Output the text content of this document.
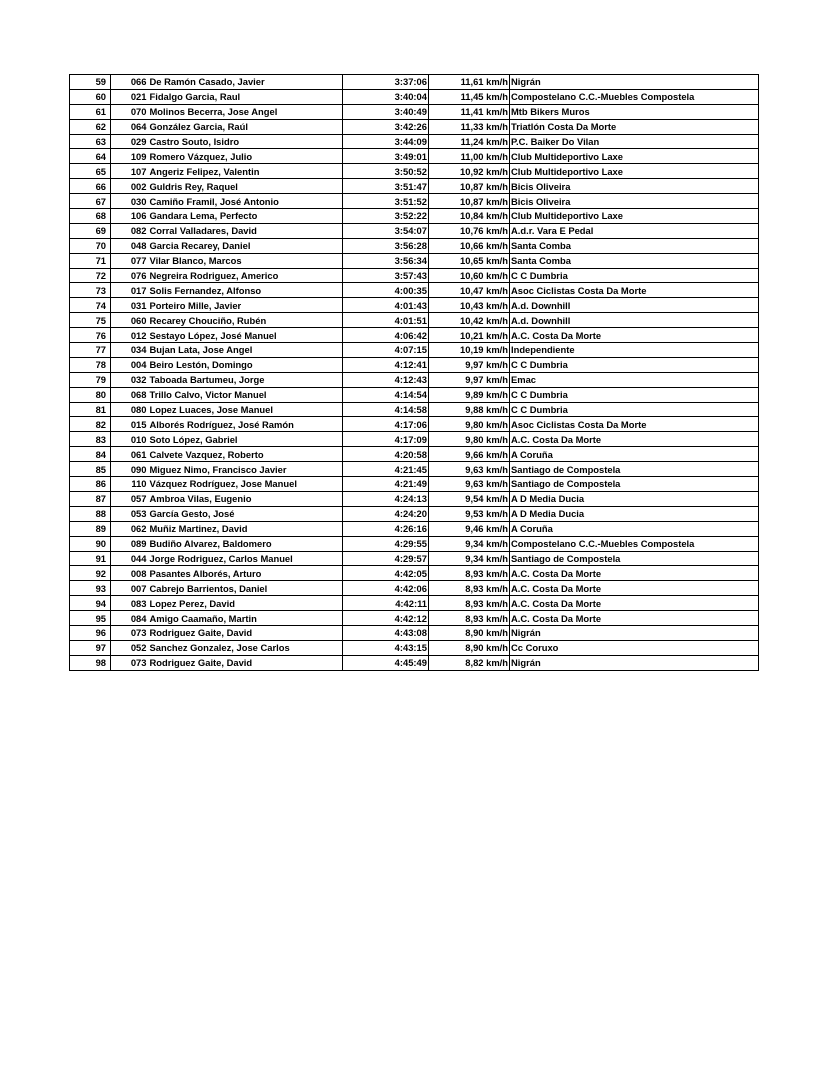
59	066	De Ramón Casado, Javier	3:37:06	11,61 km/h	Nigrán
60	021	Fidalgo Garcia, Raul	3:40:04	11,45 km/h	Compostelano C.C.-Muebles Compostela
61	070	Molinos Becerra, Jose Angel	3:40:49	11,41 km/h	Mtb Bikers Muros
62	064	González Garcia, Raúl	3:42:26	11,33 km/h	Triatlón Costa Da Morte
63	029	Castro Souto, Isidro	3:44:09	11,24 km/h	P.C. Baiker Do Vilan
64	109	Romero Vázquez, Julio	3:49:01	11,00 km/h	Club Multideportivo Laxe
65	107	Angeriz Felipez, Valentin	3:50:52	10,92 km/h	Club Multideportivo Laxe
66	002	Guldris Rey, Raquel	3:51:47	10,87 km/h	Bicis Oliveira
67	030	Camiño Framil, José Antonio	3:51:52	10,87 km/h	Bicis Oliveira
68	106	Gandara Lema, Perfecto	3:52:22	10,84 km/h	Club Multideportivo Laxe
69	082	Corral Valladares, David	3:54:07	10,76 km/h	A.d.r. Vara E Pedal
70	048	Garcia Recarey, Daniel	3:56:28	10,66 km/h	Santa Comba
71	077	Vilar Blanco, Marcos	3:56:34	10,65 km/h	Santa Comba
72	076	Negreira Rodriguez, Americo	3:57:43	10,60 km/h	C C Dumbria
73	017	Solis Fernandez, Alfonso	4:00:35	10,47 km/h	Asoc Ciclistas Costa Da Morte
74	031	Porteiro Mille, Javier	4:01:43	10,43 km/h	A.d. Downhill
75	060	Recarey Chouciño, Rubén	4:01:51	10,42 km/h	A.d. Downhill
76	012	Sestayo López, José Manuel	4:06:42	10,21 km/h	A.C. Costa Da Morte
77	034	Bujan Lata, Jose Angel	4:07:15	10,19 km/h	Independiente
78	004	Beiro Lestón, Domingo	4:12:41	9,97 km/h	C C Dumbria
79	032	Taboada Bartumeu, Jorge	4:12:43	9,97 km/h	Emac
80	068	Trillo Calvo, Victor Manuel	4:14:54	9,89 km/h	C C Dumbria
81	080	Lopez Luaces, Jose Manuel	4:14:58	9,88 km/h	C C Dumbria
82	015	Alborés Rodríguez, José Ramón	4:17:06	9,80 km/h	Asoc Ciclistas Costa Da Morte
83	010	Soto López, Gabriel	4:17:09	9,80 km/h	A.C. Costa Da Morte
84	061	Calvete Vazquez, Roberto	4:20:58	9,66 km/h	A Coruña
85	090	Miguez Nimo, Francisco Javier	4:21:45	9,63 km/h	Santiago de Compostela
86	110	Vázquez Rodríguez, Jose Manuel	4:21:49	9,63 km/h	Santiago de Compostela
87	057	Ambroa Vilas, Eugenio	4:24:13	9,54 km/h	A D Media Ducia
88	053	García Gesto, José	4:24:20	9,53 km/h	A D Media Ducia
89	062	Muñiz Martinez, David	4:26:16	9,46 km/h	A Coruña
90	089	Budiño Alvarez, Baldomero	4:29:55	9,34 km/h	Compostelano C.C.-Muebles Compostela
91	044	Jorge Rodriguez, Carlos Manuel	4:29:57	9,34 km/h	Santiago de Compostela
92	008	Pasantes Alborés, Arturo	4:42:05	8,93 km/h	A.C. Costa Da Morte
93	007	Cabrejo Barrientos, Daniel	4:42:06	8,93 km/h	A.C. Costa Da Morte
94	083	Lopez Perez, David	4:42:11	8,93 km/h	A.C. Costa Da Morte
95	084	Amigo Caamaño, Martin	4:42:12	8,93 km/h	A.C. Costa Da Morte
96	073	Rodriguez Gaite, David	4:43:08	8,90 km/h	Nigrán
97	052	Sanchez Gonzalez, Jose Carlos	4:43:15	8,90 km/h	Cc Coruxo
98	073	Rodriguez Gaite, David	4:45:49	8,82 km/h	Nigrán
